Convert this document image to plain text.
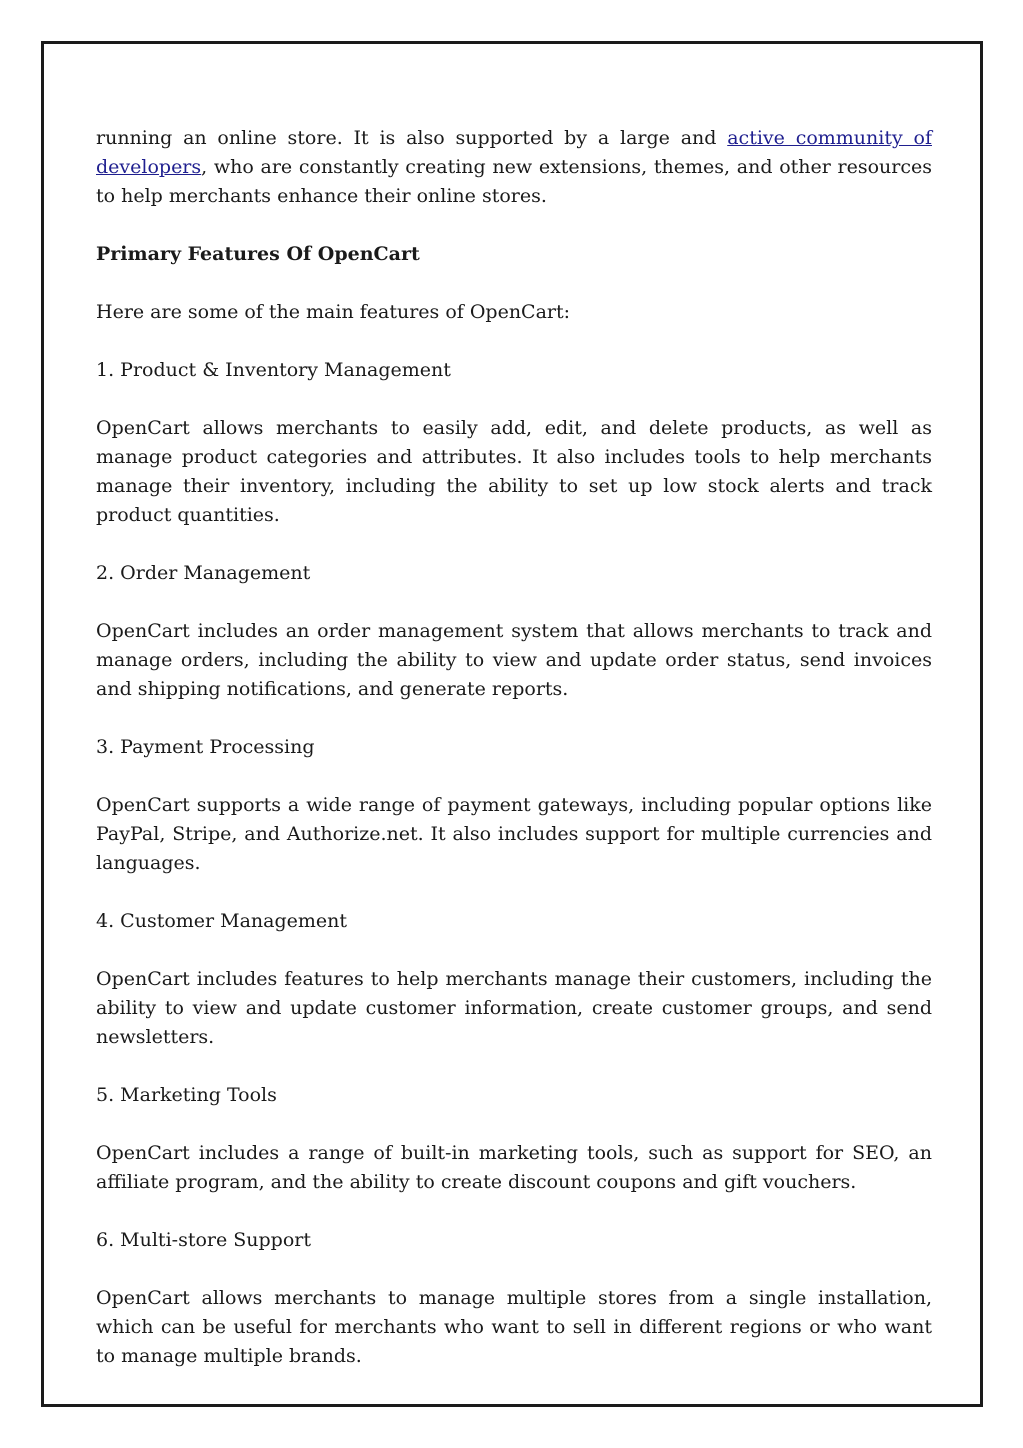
running an online store. It is also supported by a large and active community of developers, who are constantly creating new extensions, themes, and other resources to help merchants enhance their online stores.

Primary Features Of OpenCart

Here are some of the main features of OpenCart:

1. Product & Inventory Management

OpenCart allows merchants to easily add, edit, and delete products, as well as manage product categories and attributes. It also includes tools to help merchants manage their inventory, including the ability to set up low stock alerts and track product quantities.

2. Order Management

OpenCart includes an order management system that allows merchants to track and manage orders, including the ability to view and update order status, send invoices and shipping notifications, and generate reports.

3. Payment Processing

OpenCart supports a wide range of payment gateways, including popular options like PayPal, Stripe, and Authorize.net. It also includes support for multiple currencies and languages.

4. Customer Management

OpenCart includes features to help merchants manage their customers, including the ability to view and update customer information, create customer groups, and send newsletters.

5. Marketing Tools

OpenCart includes a range of built-in marketing tools, such as support for SEO, an affiliate program, and the ability to create discount coupons and gift vouchers.

6. Multi-store Support

OpenCart allows merchants to manage multiple stores from a single installation, which can be useful for merchants who want to sell in different regions or who want to manage multiple brands.
